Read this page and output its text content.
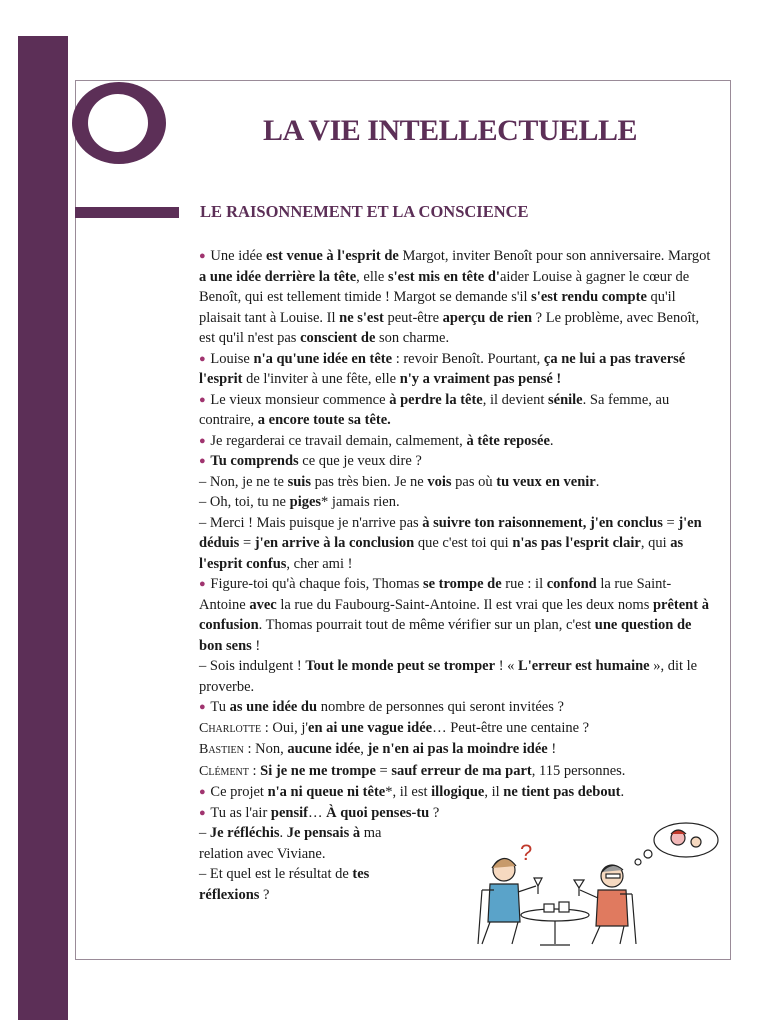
LA VIE INTELLECTUELLE
LE RAISONNEMENT ET LA CONSCIENCE

● Une idée est venue à l'esprit de Margot, inviter Benoît pour son anniversaire. Margot a une idée derrière la tête, elle s'est mis en tête d'aider Louise à gagner le cœur de Benoît, qui est tellement timide ! Margot se demande s'il s'est rendu compte qu'il plaisait tant à Louise. Il ne s'est peut-être aperçu de rien ? Le problème, avec Benoît, est qu'il n'est pas conscient de son charme.

● Louise n'a qu'une idée en tête : revoir Benoît. Pourtant, ça ne lui a pas traversé l'esprit de l'inviter à une fête, elle n'y a vraiment pas pensé !

● Le vieux monsieur commence à perdre la tête, il devient sénile. Sa femme, au contraire, a encore toute sa tête.

● Je regarderai ce travail demain, calmement, à tête reposée.

● Tu comprends ce que je veux dire ?

– Non, je ne te suis pas très bien. Je ne vois pas où tu veux en venir.

– Oh, toi, tu ne piges* jamais rien.

– Merci ! Mais puisque je n'arrive pas à suivre ton raisonnement, j'en conclus = j'en déduis = j'en arrive à la conclusion que c'est toi qui n'as pas l'esprit clair, qui as l'esprit confus, cher ami !

● Figure-toi qu'à chaque fois, Thomas se trompe de rue : il confond la rue Saint-Antoine avec la rue du Faubourg-Saint-Antoine. Il est vrai que les deux noms prêtent à confusion. Thomas pourrait tout de même vérifier sur un plan, c'est une question de bon sens !

– Sois indulgent ! Tout le monde peut se tromper ! « L'erreur est humaine », dit le proverbe.

● Tu as une idée du nombre de personnes qui seront invitées ?

Charlotte : Oui, j'en ai une vague idée… Peut-être une centaine ?

Bastien : Non, aucune idée, je n'en ai pas la moindre idée !

Clément : Si je ne me trompe = sauf erreur de ma part, 115 personnes.

● Ce projet n'a ni queue ni tête*, il est illogique, il ne tient pas debout.

● Tu as l'air pensif… À quoi penses-tu ?

– Je réfléchis. Je pensais à ma relation avec Viviane.

– Et quel est le résultat de tes réflexions ?

?
